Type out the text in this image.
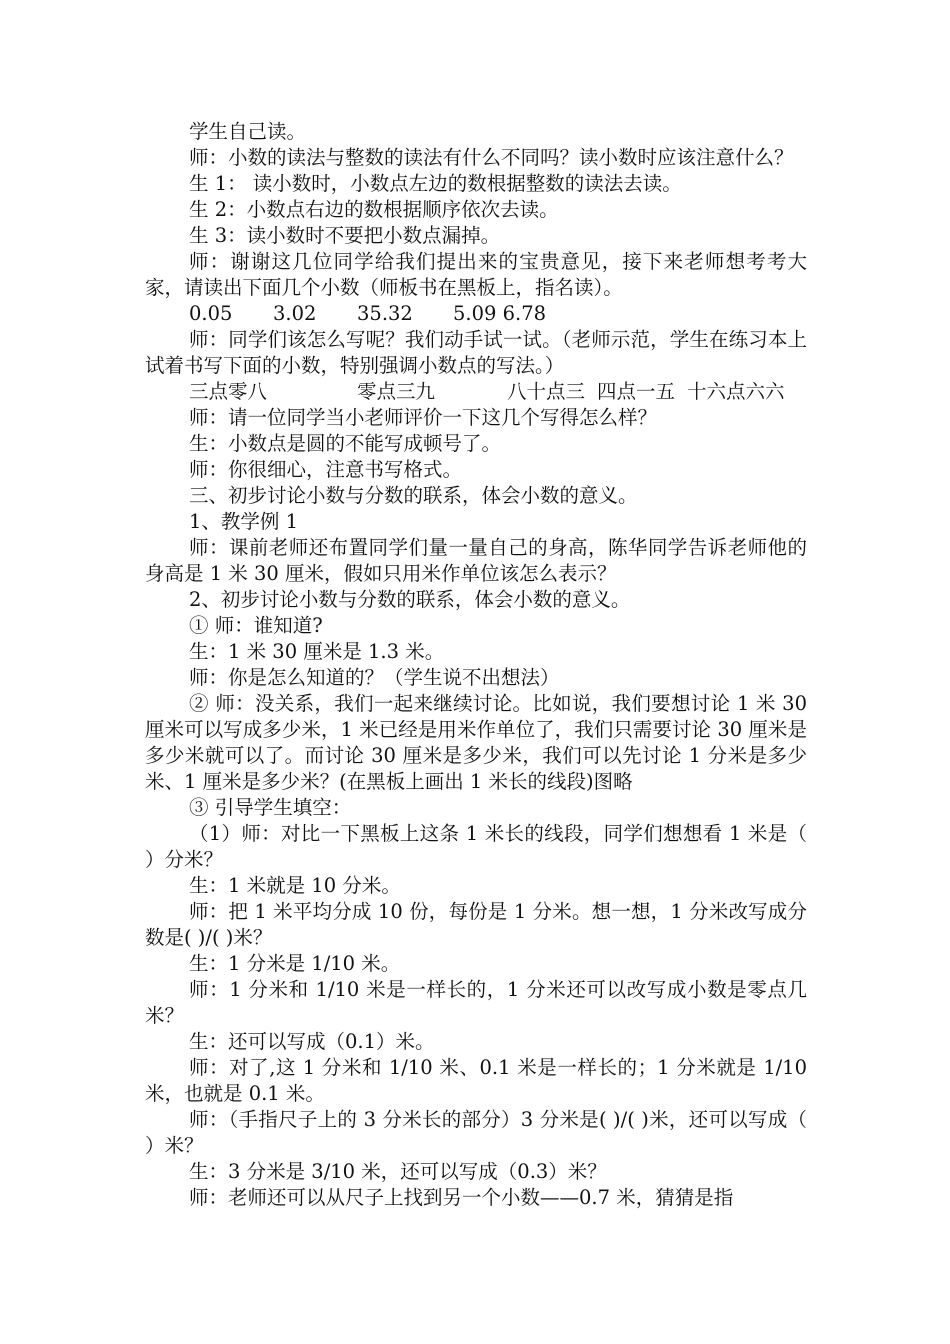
学生自己读。

师：小数的读法与整数的读法有什么不同吗？读小数时应该注意什么？

生 1： 读小数时，小数点左边的数根据整数的读法去读。

生 2：小数点右边的数根据顺序依次去读。

生 3：读小数时不要把小数点漏掉。

师：谢谢这几位同学给我们提出来的宝贵意见，接下来老师想考考大家，请读出下面几个小数（师板书在黑板上，指名读）。

0.05	3.02	35.32	5.09 6.78

师：同学们该怎么写呢？我们动手试一试。（老师示范，学生在练习本上试着书写下面的小数，特别强调小数点的写法。）

三点零八	零点三九	八十点三 四点一五 十六点六六

师：请一位同学当小老师评价一下这几个写得怎么样？

生：小数点是圆的不能写成顿号了。

师：你很细心，注意书写格式。

三、初步讨论小数与分数的联系，体会小数的意义。

1、教学例 1

师：课前老师还布置同学们量一量自己的身高，陈华同学告诉老师他的身高是 1 米 30 厘米，假如只用米作单位该怎么表示？

2、初步讨论小数与分数的联系，体会小数的意义。

① 师：谁知道?

生：1 米 30 厘米是 1.3 米。

师：你是怎么知道的？（学生说不出想法）

② 师：没关系，我们一起来继续讨论。比如说，我们要想讨论 1 米 30 厘米可以写成多少米，1 米已经是用米作单位了，我们只需要讨论 30 厘米是多少米就可以了。而讨论 30 厘米是多少米，我们可以先讨论 1 分米是多少米、1 厘米是多少米？(在黑板上画出 1 米长的线段)图略

③ 引导学生填空：

（1）师：对比一下黑板上这条 1 米长的线段，同学们想想看 1 米是（ ）分米？

生：1 米就是 10 分米。

师：把 1 米平均分成 10 份，每份是 1 分米。想一想，1 分米改写成分数是( )/( )米？

生：1 分米是 1/10 米。

师：1 分米和 1/10 米是一样长的，1 分米还可以改写成小数是零点几米？

生：还可以写成（0.1）米。

师：对了,这 1 分米和 1/10 米、0.1 米是一样长的；1 分米就是 1/10 米，也就是 0.1 米。

师：（手指尺子上的 3 分米长的部分）3 分米是( )/( )米，还可以写成（ ）米？

生：3 分米是 3/10 米，还可以写成（0.3）米？

师：老师还可以从尺子上找到另一个小数——0.7 米，猜猜是指
